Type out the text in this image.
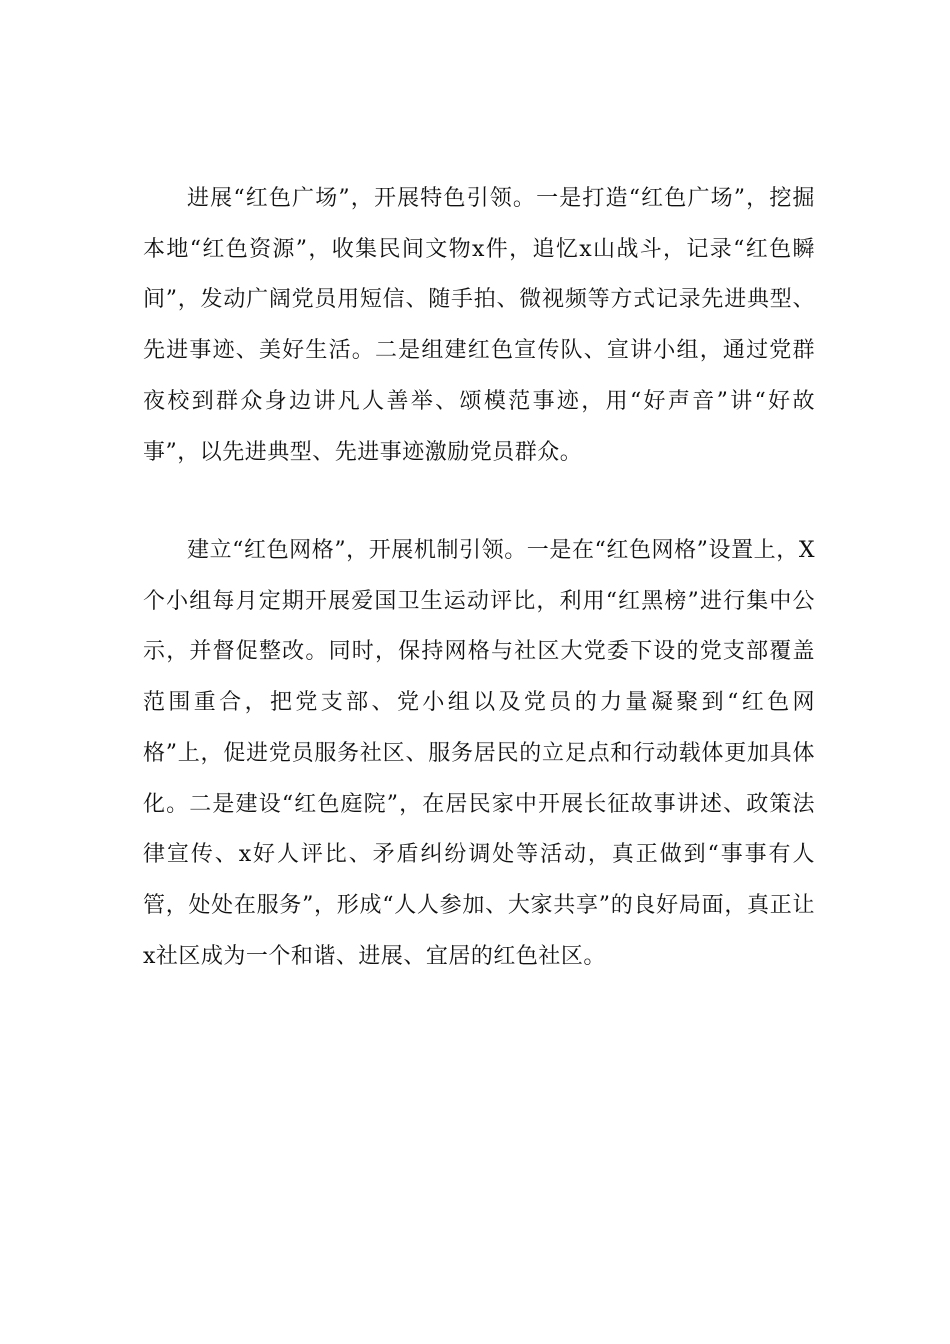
进展“红色广场”，开展特色引领。一是打造“红色广场”，挖掘本地“红色资源”，收集民间文物x件，追忆x山战斗，记录“红色瞬间”，发动广阔党员用短信、随手拍、微视频等方式记录先进典型、先进事迹、美好生活。二是组建红色宣传队、宣讲小组，通过党群夜校到群众身边讲凡人善举、颂模范事迹，用“好声音”讲“好故事”，以先进典型、先进事迹激励党员群众。

建立“红色网格”，开展机制引领。一是在“红色网格”设置上，X个小组每月定期开展爱国卫生运动评比，利用“红黑榜”进行集中公示，并督促整改。同时，保持网格与社区大党委下设的党支部覆盖范围重合，把党支部、党小组以及党员的力量凝聚到“红色网格”上，促进党员服务社区、服务居民的立足点和行动载体更加具体化。二是建设“红色庭院”，在居民家中开展长征故事讲述、政策法律宣传、x好人评比、矛盾纠纷调处等活动，真正做到“事事有人管，处处在服务”，形成“人人参加、大家共享”的良好局面，真正让x社区成为一个和谐、进展、宜居的红色社区。
